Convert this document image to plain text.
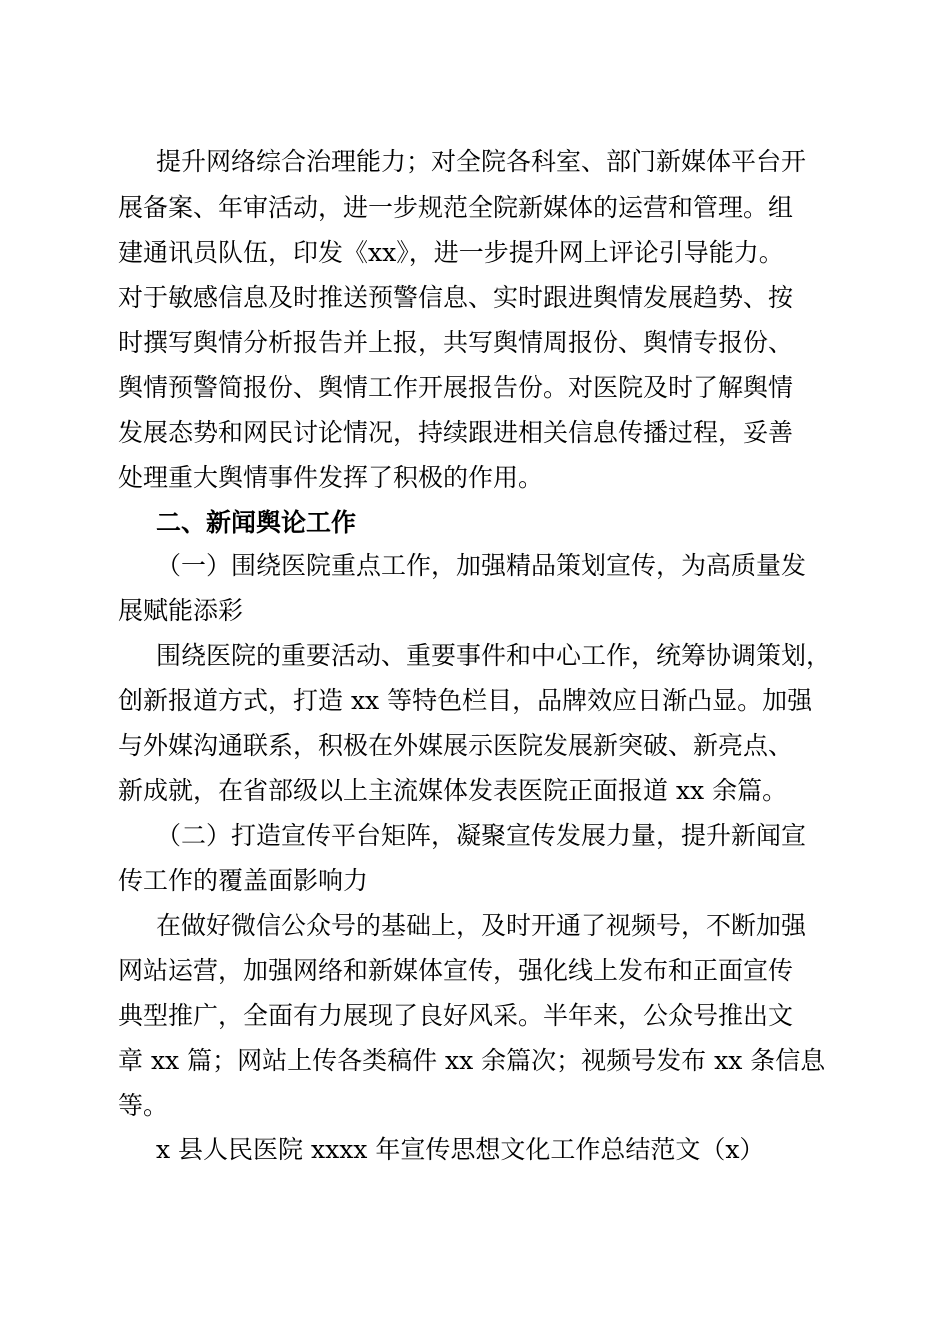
提升网络综合治理能力；对全院各科室、部门新媒体平台开
展备案、年审活动，进一步规范全院新媒体的运营和管理。组
建通讯员队伍，印发《xx》，进一步提升网上评论引导能力。
对于敏感信息及时推送预警信息、实时跟进舆情发展趋势、按
时撰写舆情分析报告并上报，共写舆情周报份、舆情专报份、
舆情预警简报份、舆情工作开展报告份。对医院及时了解舆情
发展态势和网民讨论情况，持续跟进相关信息传播过程，妥善
处理重大舆情事件发挥了积极的作用。
二、新闻舆论工作
（一）围绕医院重点工作，加强精品策划宣传，为高质量发
展赋能添彩
围绕医院的重要活动、重要事件和中心工作，统筹协调策划，
创新报道方式，打造 xx 等特色栏目，品牌效应日渐凸显。加强
与外媒沟通联系，积极在外媒展示医院发展新突破、新亮点、
新成就，在省部级以上主流媒体发表医院正面报道 xx 余篇。
（二）打造宣传平台矩阵，凝聚宣传发展力量，提升新闻宣
传工作的覆盖面影响力
在做好微信公众号的基础上，及时开通了视频号，不断加强
网站运营，加强网络和新媒体宣传，强化线上发布和正面宣传
典型推广，全面有力展现了良好风采。半年来，公众号推出文
章 xx 篇；网站上传各类稿件 xx 余篇次；视频号发布 xx 条信息
等。
x 县人民医院 xxxx 年宣传思想文化工作总结范文（x）
